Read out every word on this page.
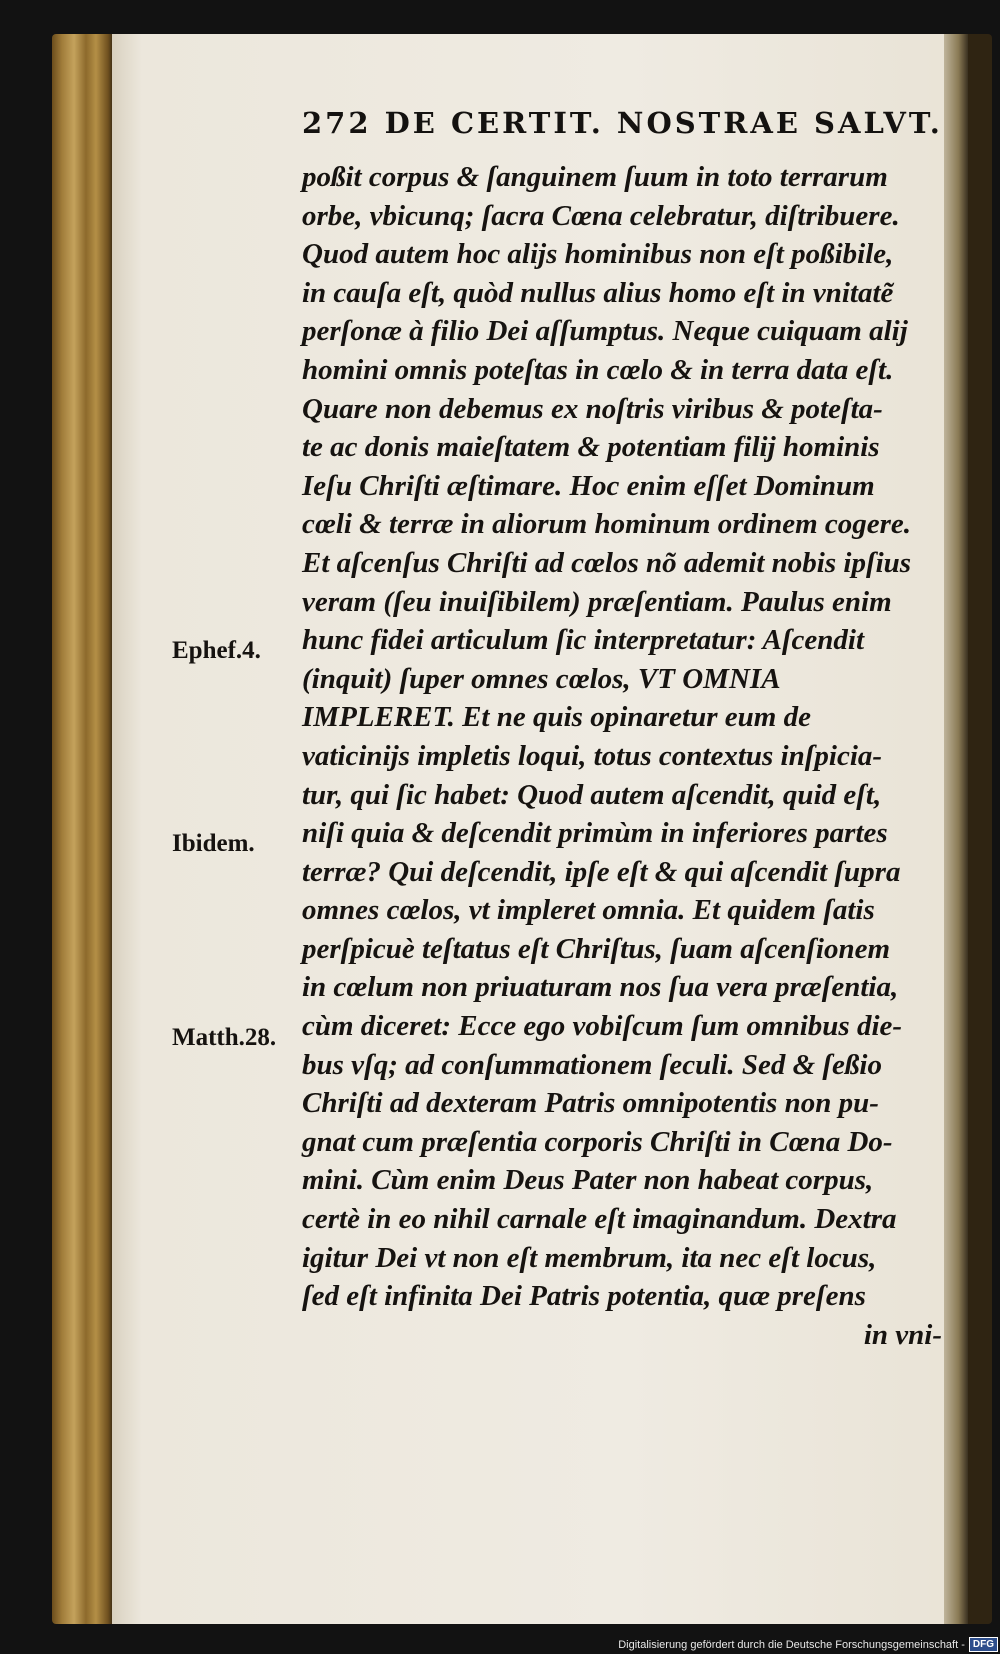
272 DE CERTIT. NOSTRAE SALVT.
poßit corpus & ſanguinem ſuum in toto terrarum
orbe, vbicunq; ſacra Cœna celebratur, diſtribuere.
Quod autem hoc alijs hominibus non eſt poßibile,
in cauſa eſt, quòd nullus alius homo eſt in vnitatẽ
perſonæ à filio Dei aſſumptus. Neque cuiquam alij
homini omnis poteſtas in cœlo & in terra data eſt.
Quare non debemus ex noſtris viribus & poteſta-
te ac donis maieſtatem & potentiam filij hominis
Ieſu Chriſti æſtimare. Hoc enim eſſet Dominum
cœli & terræ in aliorum hominum ordinem cogere.
Et aſcenſus Chriſti ad cœlos nõ ademit nobis ipſius
veram (ſeu inuiſibilem) præſentiam. Paulus enim
hunc fidei articulum ſic interpretatur: Aſcendit
(inquit) ſuper omnes cœlos, VT OMNIA
IMPLERET. Et ne quis opinaretur eum de
vaticinijs impletis loqui, totus contextus inſpicia-
tur, qui ſic habet: Quod autem aſcendit, quid eſt,
niſi quia & deſcendit primùm in inferiores partes
terræ? Qui deſcendit, ipſe eſt & qui aſcendit ſupra
omnes cœlos, vt impleret omnia. Et quidem ſatis
perſpicuè teſtatus eſt Chriſtus, ſuam aſcenſionem
in cœlum non priuaturam nos ſua vera præſentia,
cùm diceret: Ecce ego vobiſcum ſum omnibus die-
bus vſq; ad conſummationem ſeculi. Sed & ſeßio
Chriſti ad dexteram Patris omnipotentis non pu-
gnat cum præſentia corporis Chriſti in Cœna Do-
mini. Cùm enim Deus Pater non habeat corpus,
certè in eo nihil carnale eſt imaginandum. Dextra
igitur Dei vt non eſt membrum, ita nec eſt locus,
ſed eſt infinita Dei Patris potentia, quæ preſens
in vni-
Ephef.4.
Ibidem.
Matth.28.
Digitalisierung gefördert durch die Deutsche Forschungsgemeinschaft - DFG
